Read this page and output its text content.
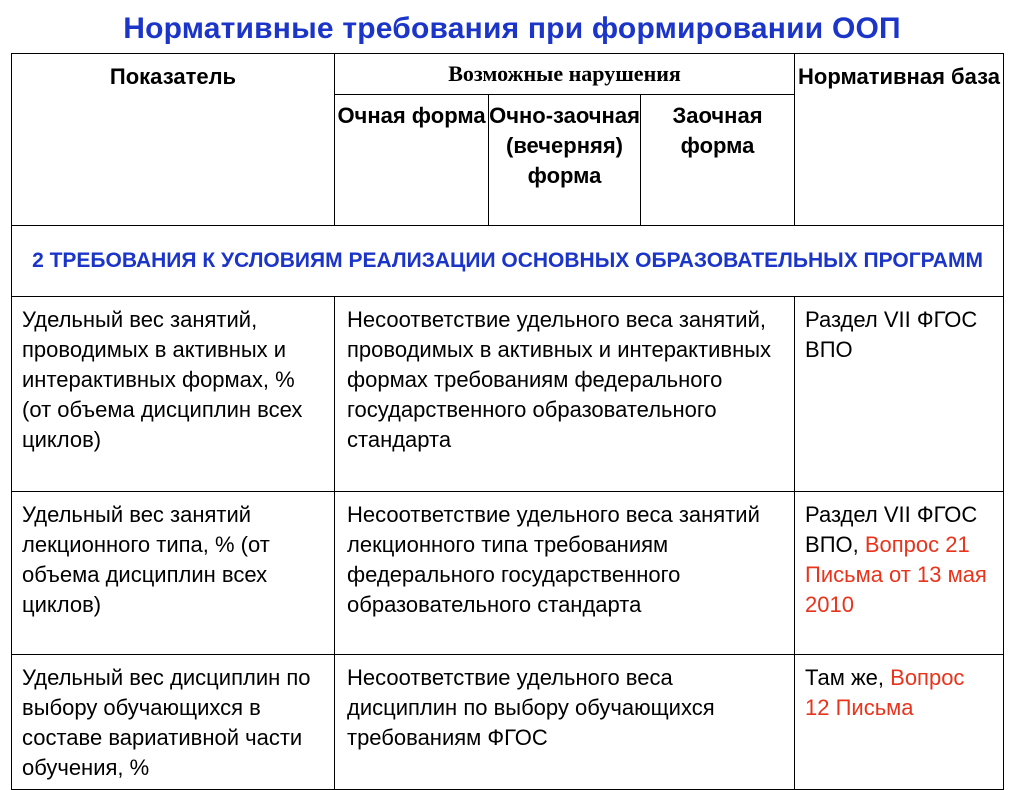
Нормативные требования при формировании ООП
Показатель	Возможные нарушения			Нормативная база
	Очная форма	Очно-заочная (вечерняя) форма	Заочная форма	
2 ТРЕБОВАНИЯ К УСЛОВИЯМ РЕАЛИЗАЦИИ ОСНОВНЫХ ОБРАЗОВАТЕЛЬНЫХ ПРОГРАММ				
Удельный вес занятий, проводимых в активных и интерактивных формах, % (от объема дисциплин всех циклов)	Несоответствие удельного веса занятий, проводимых в активных и интерактивных формах требованиям федерального государственного образовательного стандарта			Раздел VII ФГОС ВПО
Удельный вес занятий лекционного типа, % (от объема дисциплин всех циклов)	Несоответствие удельного веса занятий лекционного типа требованиям федерального государственного образовательного стандарта			Раздел VII ФГОС ВПО, Вопрос 21 Письма от 13 мая 2010
Удельный вес дисциплин по выбору обучающихся в составе вариативной части обучения, %	Несоответствие удельного веса дисциплин по выбору обучающихся требованиям ФГОС			Там же, Вопрос 12 Письма
